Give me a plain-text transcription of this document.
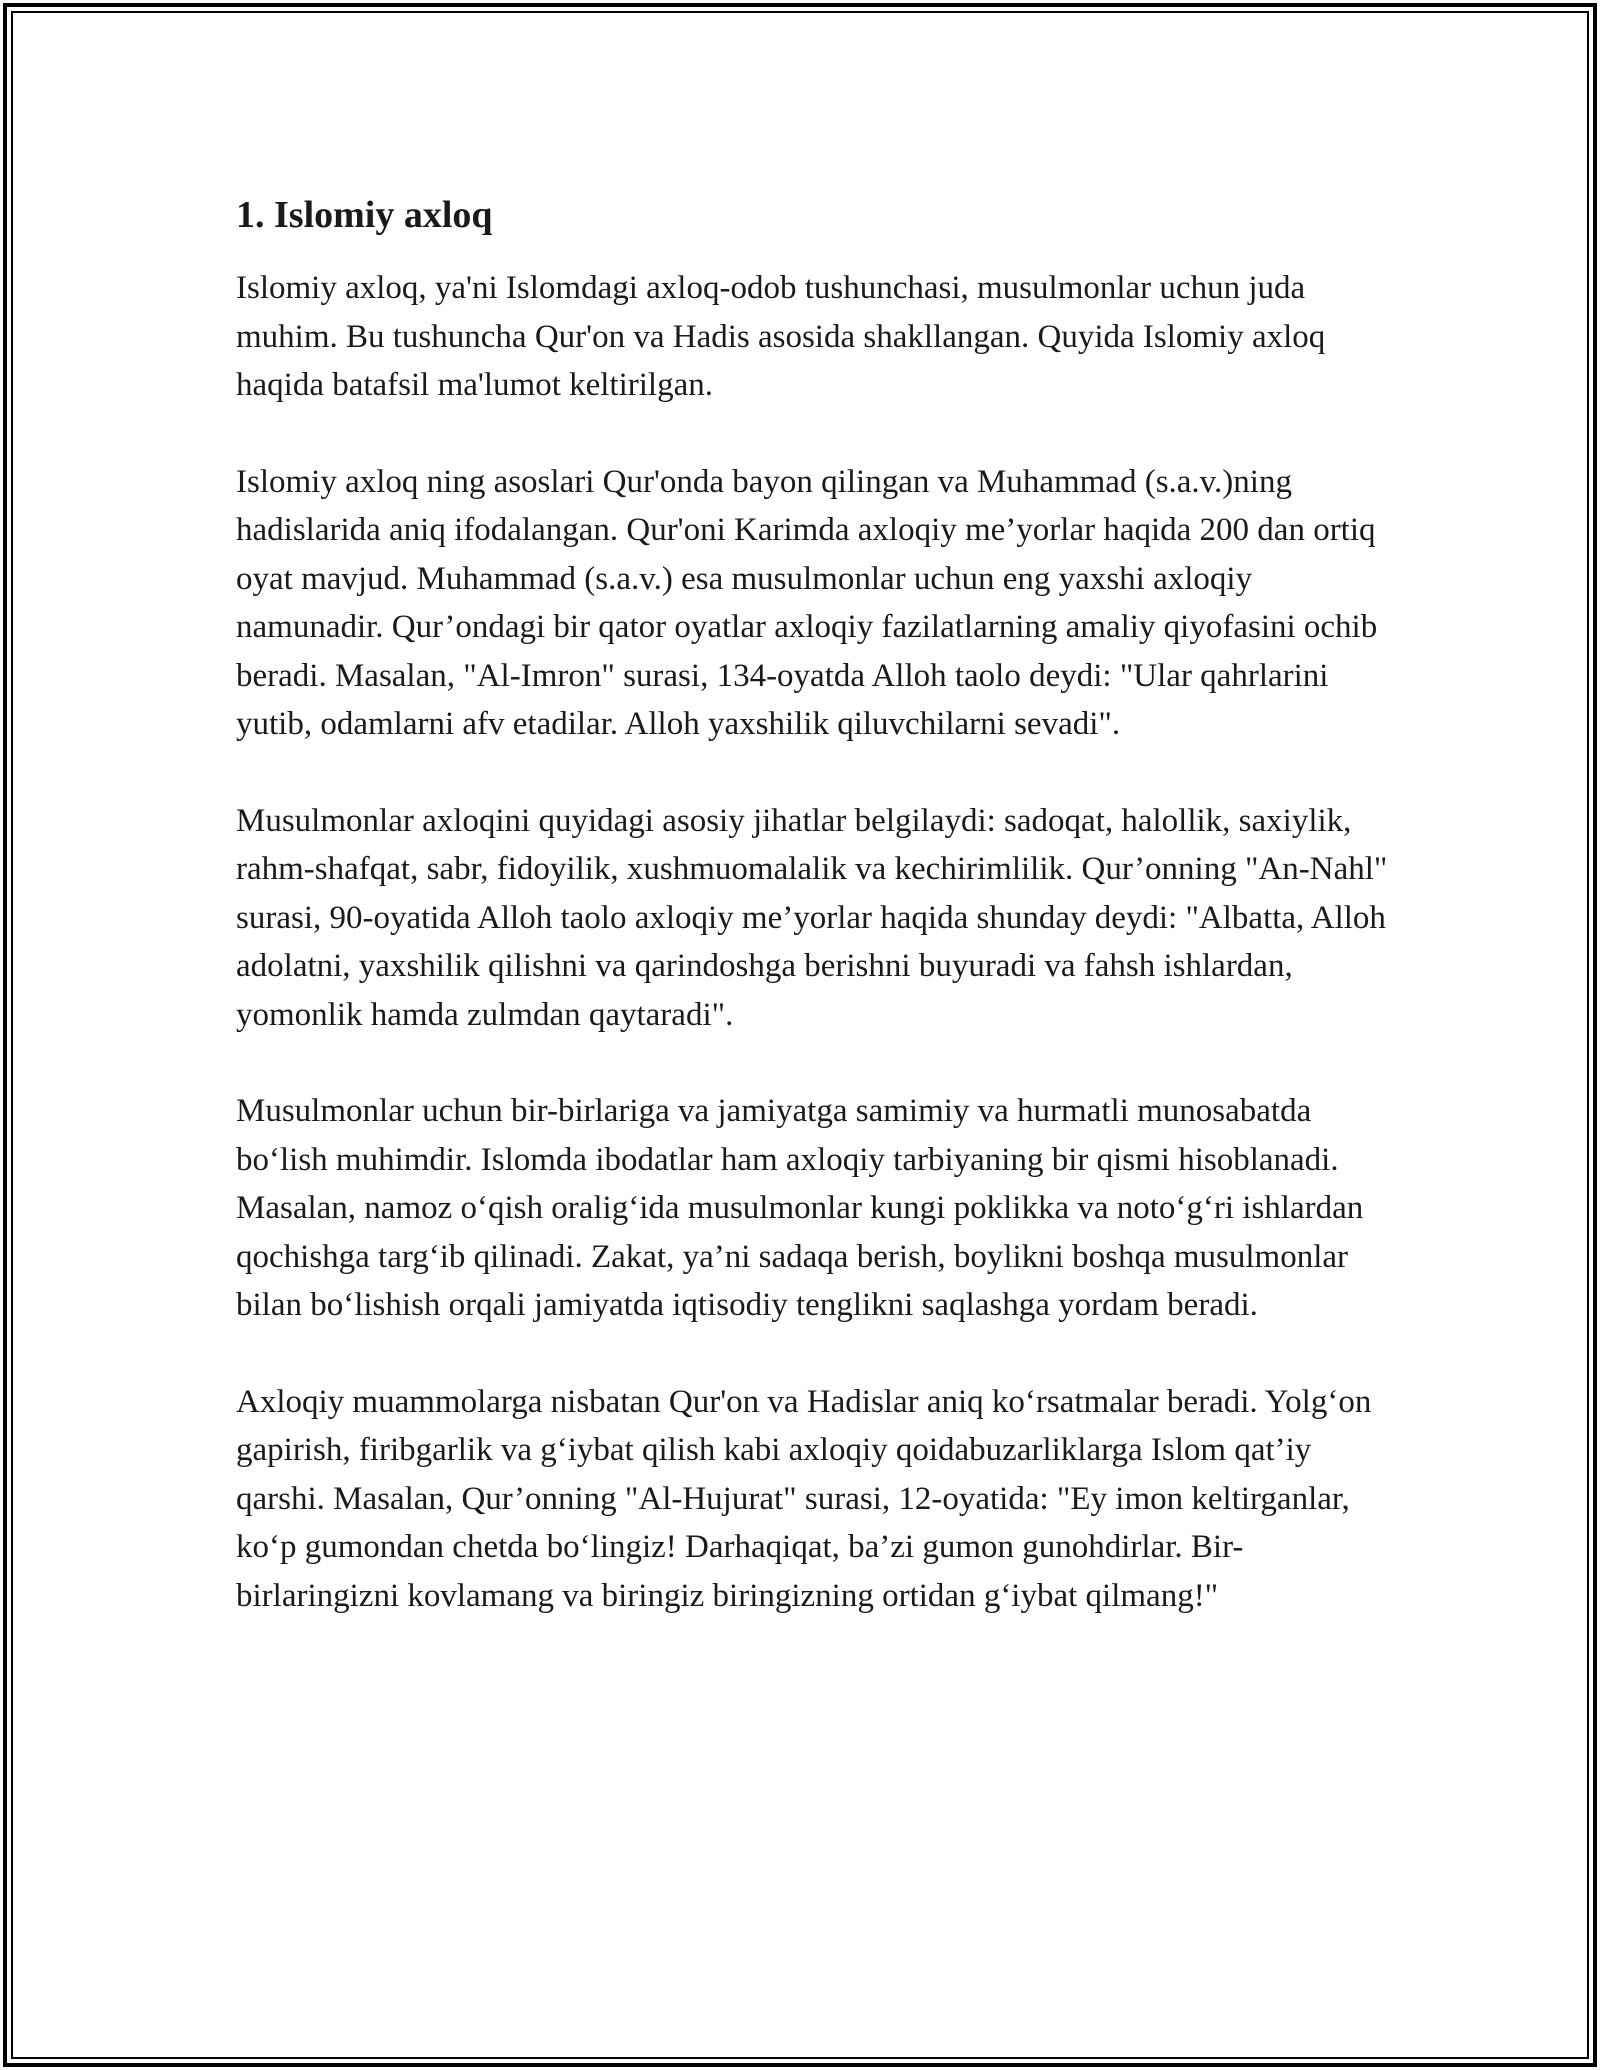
1. Islomiy axloq

Islomiy axloq, ya'ni Islomdagi axloq-odob tushunchasi, musulmonlar uchun juda muhim. Bu tushuncha Qur'on va Hadis asosida shakllangan. Quyida Islomiy axloq haqida batafsil ma'lumot keltirilgan.

Islomiy axloq ning asoslari Qur'onda bayon qilingan va Muhammad (s.a.v.)ning hadislarida aniq ifodalangan. Qur'oni Karimda axloqiy me’yorlar haqida 200 dan ortiq oyat mavjud. Muhammad (s.a.v.) esa musulmonlar uchun eng yaxshi axloqiy namunadir. Qur’ondagi bir qator oyatlar axloqiy fazilatlarning amaliy qiyofasini ochib beradi. Masalan, "Al-Imron" surasi, 134-oyatda Alloh taolo deydi: "Ular qahrlarini yutib, odamlarni afv etadilar. Alloh yaxshilik qiluvchilarni sevadi".

Musulmonlar axloqini quyidagi asosiy jihatlar belgilaydi: sadoqat, halollik, saxiylik, rahm-shafqat, sabr, fidoyilik, xushmuomalalik va kechirimlilik. Qur’onning "An-Nahl" surasi, 90-oyatida Alloh taolo axloqiy me’yorlar haqida shunday deydi: "Albatta, Alloh adolatni, yaxshilik qilishni va qarindoshga berishni buyuradi va fahsh ishlardan, yomonlik hamda zulmdan qaytaradi".

Musulmonlar uchun bir-birlariga va jamiyatga samimiy va hurmatli munosabatda bo‘lish muhimdir. Islomda ibodatlar ham axloqiy tarbiyaning bir qismi hisoblanadi. Masalan, namoz o‘qish oralig‘ida musulmonlar kungi poklikka va noto‘g‘ri ishlardan qochishga targ‘ib qilinadi. Zakat, ya’ni sadaqa berish, boylikni boshqa musulmonlar bilan bo‘lishish orqali jamiyatda iqtisodiy tenglikni saqlashga yordam beradi.

Axloqiy muammolarga nisbatan Qur'on va Hadislar aniq ko‘rsatmalar beradi. Yolg‘on gapirish, firibgarlik va g‘iybat qilish kabi axloqiy qoidabuzarliklarga Islom qat’iy qarshi. Masalan, Qur’onning "Al-Hujurat" surasi, 12-oyatida: "Ey imon keltirganlar, ko‘p gumondan chetda bo‘lingiz! Darhaqiqat, ba’zi gumon gunohdirlar. Bir-birlaringizni kovlamang va biringiz biringizning ortidan g‘iybat qilmang!"
